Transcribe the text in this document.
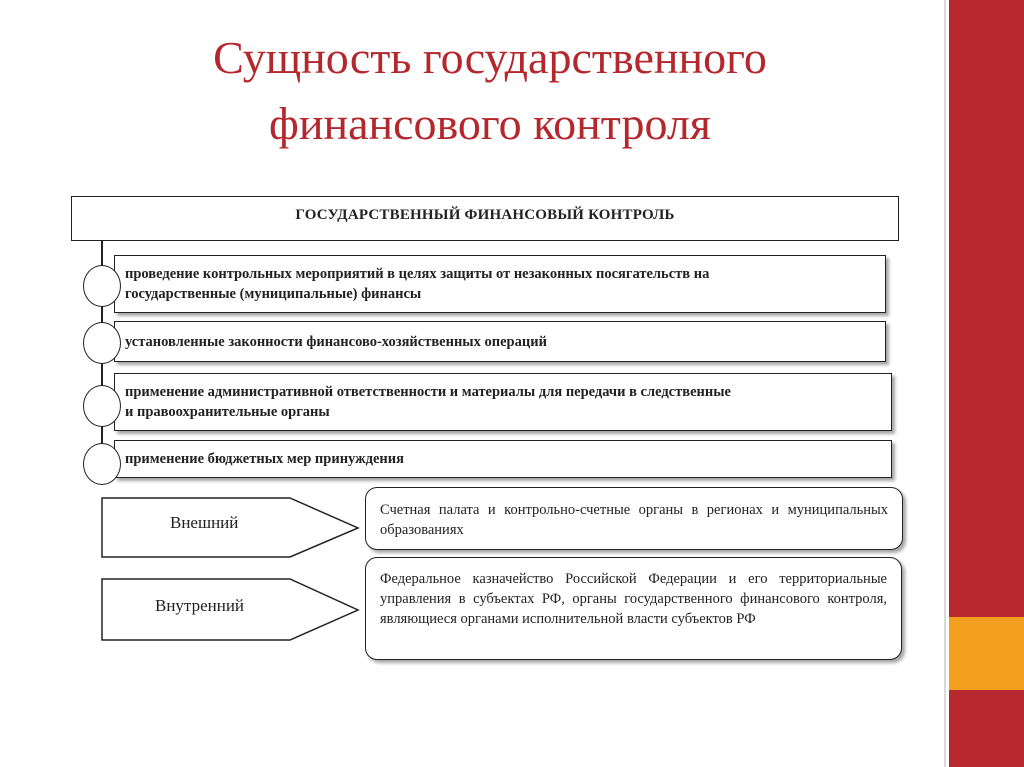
Сущность государственного
финансового контроля
ГОСУДАРСТВЕННЫЙ ФИНАНСОВЫЙ КОНТРОЛЬ
проведение контрольных мероприятий в целях защиты от незаконных посягательств на
государственные (муниципальные) финансы
установленные законности финансово-хозяйственных операций
применение административной ответственности и материалы для передачи в следственные
и правоохранительные органы
применение бюджетных мер принуждения
Внешний
Внутренний
Счетная палата и контрольно-счетные органы в регионах и муниципальных образованиях
Федеральное казначейство Российской Федерации и его территориальные управления в субъектах РФ, органы государственного финансового контроля, являющиеся органами исполнительной власти субъектов РФ
